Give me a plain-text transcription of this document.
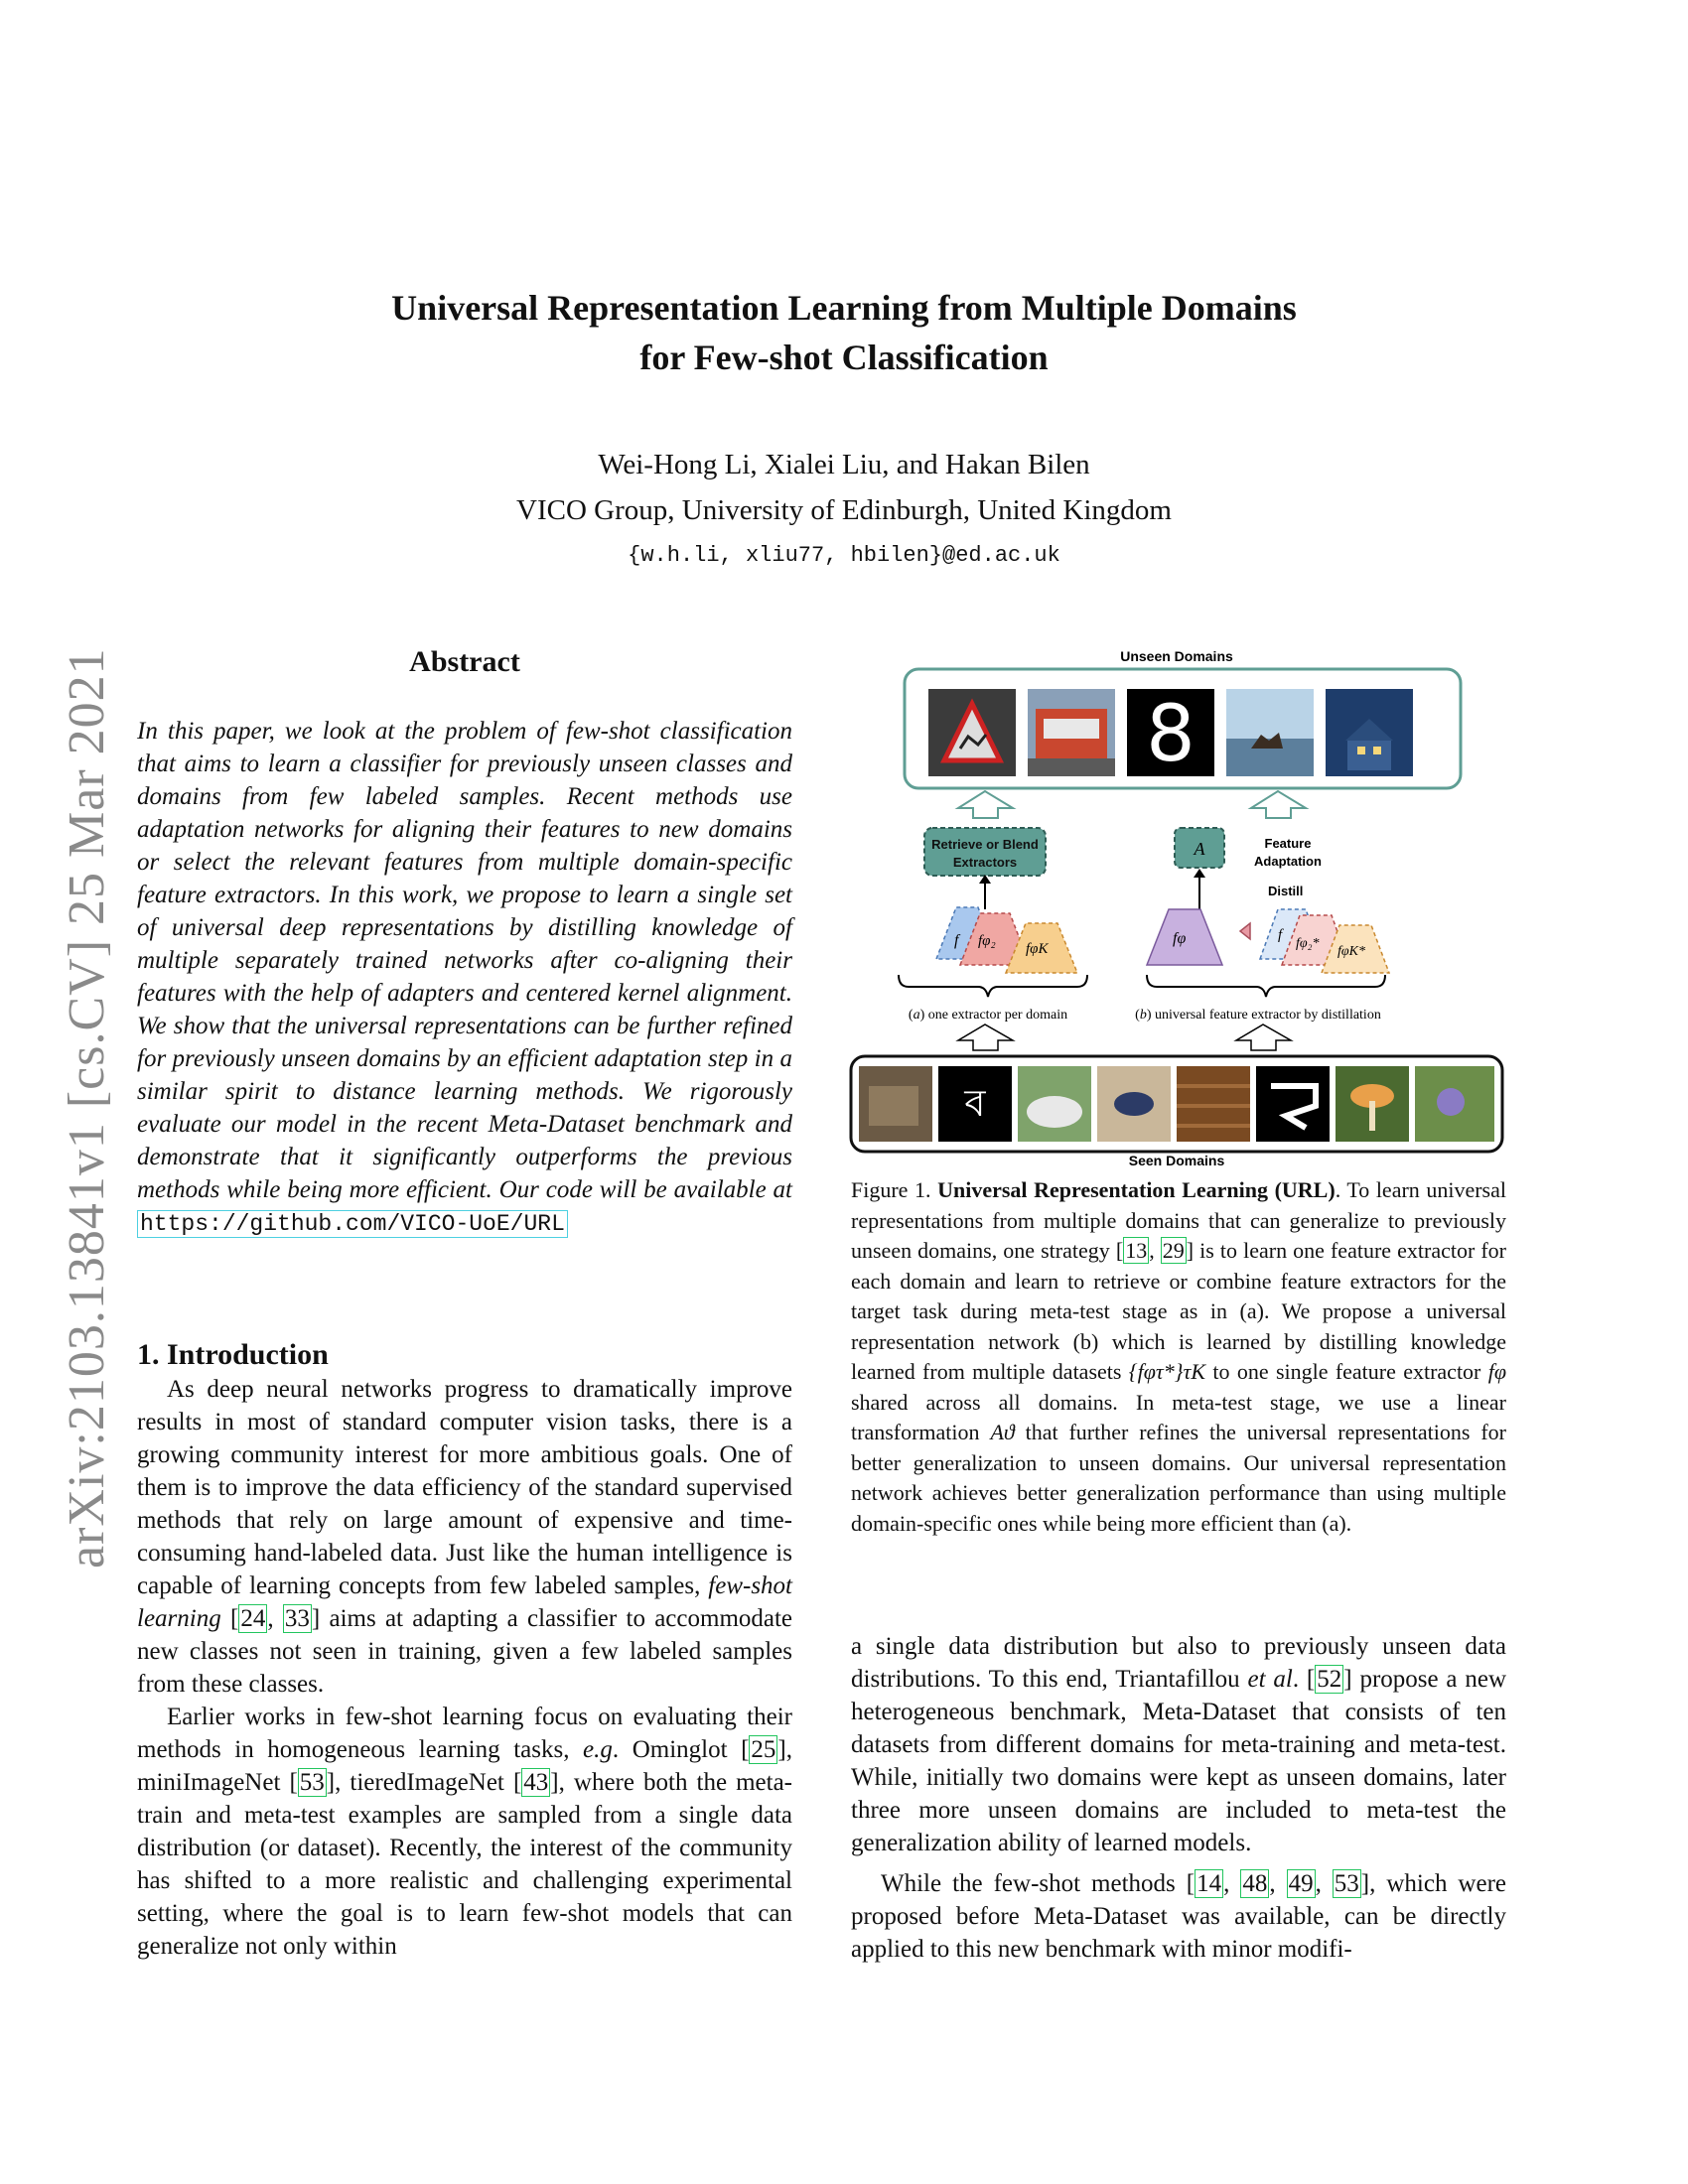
Universal Representation Learning from Multiple Domains
for Few-shot Classification
Wei-Hong Li, Xialei Liu, and Hakan Bilen
VICO Group, University of Edinburgh, United Kingdom
{w.h.li, xliu77, hbilen}@ed.ac.uk
arXiv:2103.13841v1 [cs.CV] 25 Mar 2021	Abstract
In this paper, we look at the problem of few-shot classification that aims to learn a classifier for previously unseen classes and domains from few labeled samples. Recent methods use adaptation networks for aligning their features to new domains or select the relevant features from multiple domain-specific feature extractors. In this work, we propose to learn a single set of universal deep representations by distilling knowledge of multiple separately trained networks after co-aligning their features with the help of adapters and centered kernel alignment. We show that the universal representations can be further refined for previously unseen domains by an efficient adaptation step in a similar spirit to distance learning methods. We rigorously evaluate our model in the recent Meta-Dataset benchmark and demonstrate that it significantly outperforms the previous methods while being more efficient. Our code will be available at https://github.com/VICO-UoE/URL
1. Introduction

As deep neural networks progress to dramatically improve results in most of standard computer vision tasks, there is a growing community interest for more ambitious goals. One of them is to improve the data efficiency of the standard supervised methods that rely on large amount of expensive and time-consuming hand-labeled data. Just like the human intelligence is capable of learning concepts from few labeled samples, few-shot learning [24, 33] aims at adapting a classifier to accommodate new classes not seen in training, given a few labeled samples from these classes.

Earlier works in few-shot learning focus on evaluating their methods in homogeneous learning tasks, e.g. Ominglot [25], miniImageNet [53], tieredImageNet [43], where both the meta-train and meta-test examples are sampled from a single data distribution (or dataset). Recently, the interest of the community has shifted to a more realistic and challenging experimental setting, where the goal is to learn few-shot models that can generalize not only within

Unseen Domains
8
Retrieve or Blend
Extractors
A	Feature
Adaptation
f fφ₂ fφK
fφ
Distill
f
fφ₂*
fφK*
(a) one extractor per domain	(b) universal feature extractor by distillation
ব
Seen Domains
Figure 1. Universal Representation Learning (URL). To learn universal representations from multiple domains that can generalize to previously unseen domains, one strategy [13, 29] is to learn one feature extractor for each domain and learn to retrieve or combine feature extractors for the target task during meta-test stage as in (a). We propose a universal representation network (b) which is learned by distilling knowledge learned from multiple datasets {fφτ*}τK to one single feature extractor fφ shared across all domains. In meta-test stage, we use a linear transformation Aϑ that further refines the universal representations for better generalization to unseen domains. Our universal representation network achieves better generalization performance than using multiple domain-specific ones while being more efficient than (a).

a single data distribution but also to previously unseen data distributions. To this end, Triantafillou et al. [52] propose a new heterogeneous benchmark, Meta-Dataset that consists of ten datasets from different domains for meta-training and meta-test. While, initially two domains were kept as unseen domains, later three more unseen domains are included to meta-test the generalization ability of learned models.

While the few-shot methods [14, 48, 49, 53], which were proposed before Meta-Dataset was available, can be directly applied to this new benchmark with minor modifi-
